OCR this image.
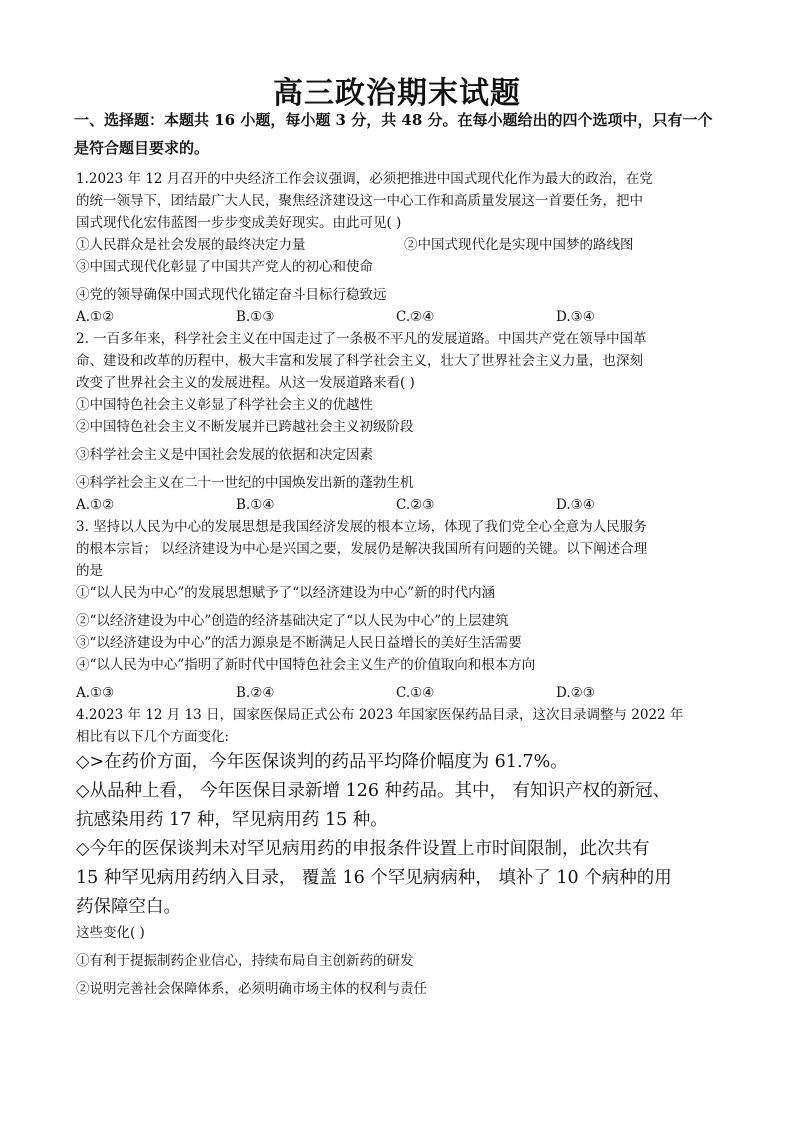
高三政治期末试题
一、选择题：本题共 16 小题，每小题 3 分，共 48 分。在每小题给出的四个选项中，只有一个
是符合题目要求的。
1.2023 年 12 月召开的中央经济工作会议强调，必须把推进中国式现代化作为最大的政治，在党
的统一领导下，团结最广大人民，聚焦经济建设这一中心工作和高质量发展这一首要任务，把中
国式现代化宏伟蓝图一步步变成美好现实。由此可见( )
①人民群众是社会发展的最终决定力量	②中国式现代化是实现中国梦的路线图
③中国式现代化彰显了中国共产党人的初心和使命
④党的领导确保中国式现代化锚定奋斗目标行稳致远
A.①②	B.①③	C.②④	D.③④
2. 一百多年来，科学社会主义在中国走过了一条极不平凡的发展道路。中国共产党在领导中国革
命、建设和改革的历程中，极大丰富和发展了科学社会主义，壮大了世界社会主义力量，也深刻
改变了世界社会主义的发展进程。从这一发展道路来看( )
①中国特色社会主义彰显了科学社会主义的优越性
②中国特色社会主义不断发展并已跨越社会主义初级阶段
③科学社会主义是中国社会发展的依据和决定因素
④科学社会主义在二十一世纪的中国焕发出新的蓬勃生机
A.①②	B.①④	C.②③	D.③④
3. 坚持以人民为中心的发展思想是我国经济发展的根本立场，体现了我们党全心全意为人民服务
的根本宗旨； 以经济建设为中心是兴国之要，发展仍是解决我国所有问题的关键。以下阐述合理
的是
①“以人民为中心”的发展思想赋予了“以经济建设为中心”新的时代内涵
②“以经济建设为中心”创造的经济基础决定了“以人民为中心”的上层建筑
③“以经济建设为中心”的活力源泉是不断满足人民日益增长的美好生活需要
④“以人民为中心”指明了新时代中国特色社会主义生产的价值取向和根本方向
A.①③	B.②④	C.①④	D.②③
4.2023 年 12 月 13 日，国家医保局正式公布 2023 年国家医保药品目录，这次目录调整与 2022 年
相比有以下几个方面变化:
◇>在药价方面，今年医保谈判的药品平均降价幅度为 61.7%。
◇从品种上看， 今年医保目录新增 126 种药品。其中， 有知识产权的新冠、
抗感染用药 17 种，罕见病用药 15 种。
◇今年的医保谈判未对罕见病用药的申报条件设置上市时间限制，此次共有
15 种罕见病用药纳入目录， 覆盖 16 个罕见病病种， 填补了 10 个病种的用
药保障空白。
这些变化( )
①有利于提振制药企业信心，持续布局自主创新药的研发
②说明完善社会保障体系，必须明确市场主体的权利与责任
